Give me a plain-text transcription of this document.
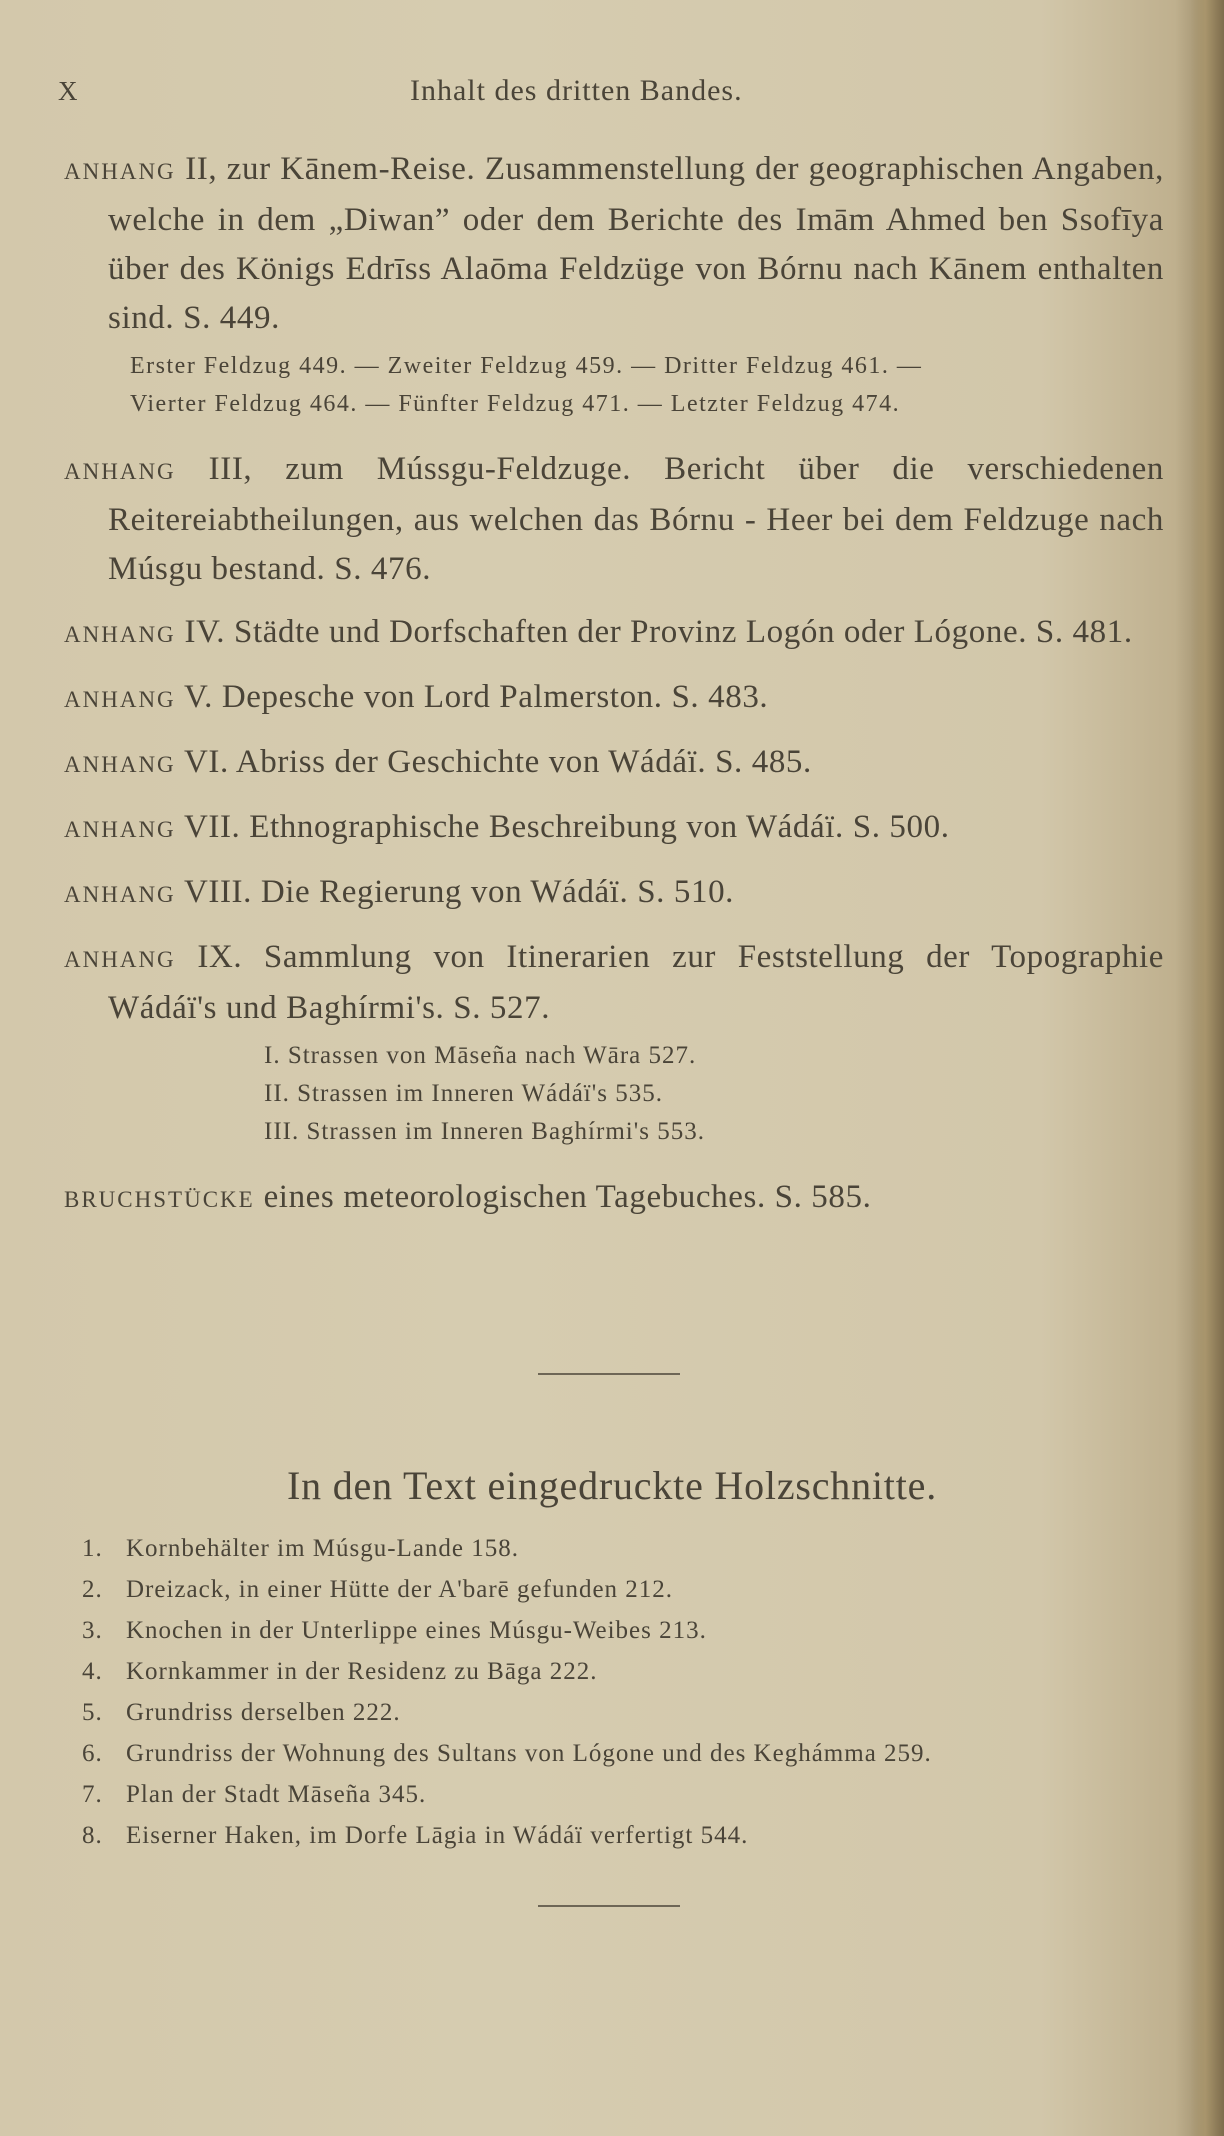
X	Inhalt des dritten Bandes.

ANHANG II, zur Kānem-Reise. Zusammenstellung der geographischen Angaben, welche in dem „Diwan” oder dem Berichte des Imām Ahmed ben Ssofīya über des Königs Edrīss Alaōma Feldzüge von Bórnu nach Kānem enthalten sind. S. 449.

Erster Feldzug 449. — Zweiter Feldzug 459. — Dritter Feldzug 461. —
Vierter Feldzug 464. — Fünfter Feldzug 471. — Letzter Feldzug 474.

ANHANG III, zum Mússgu-Feldzuge. Bericht über die verschiedenen Reitereiabtheilungen, aus welchen das Bórnu - Heer bei dem Feldzuge nach Músgu bestand. S. 476.

ANHANG IV. Städte und Dorfschaften der Provinz Logón oder Lógone. S. 481.

ANHANG V. Depesche von Lord Palmerston. S. 483.

ANHANG VI. Abriss der Geschichte von Wádáï. S. 485.

ANHANG VII. Ethnographische Beschreibung von Wádáï. S. 500.

ANHANG VIII. Die Regierung von Wádáï. S. 510.

ANHANG IX. Sammlung von Itinerarien zur Feststellung der Topographie Wádáï's und Baghírmi's. S. 527.

I. Strassen von Māseña nach Wāra 527.
II. Strassen im Inneren Wádáï's 535.
III. Strassen im Inneren Baghírmi's 553.

BRUCHSTÜCKE eines meteorologischen Tagebuches. S. 585.

In den Text eingedruckte Holzschnitte.
1. Kornbehälter im Músgu-Lande 158.
2. Dreizack, in einer Hütte der A'barē gefunden 212.
3. Knochen in der Unterlippe eines Músgu-Weibes 213.
4. Kornkammer in der Residenz zu Bāga 222.
5. Grundriss derselben 222.
6. Grundriss der Wohnung des Sultans von Lógone und des Keghámma 259.
7. Plan der Stadt Māseña 345.
8. Eiserner Haken, im Dorfe Lāgia in Wádáï verfertigt 544.
